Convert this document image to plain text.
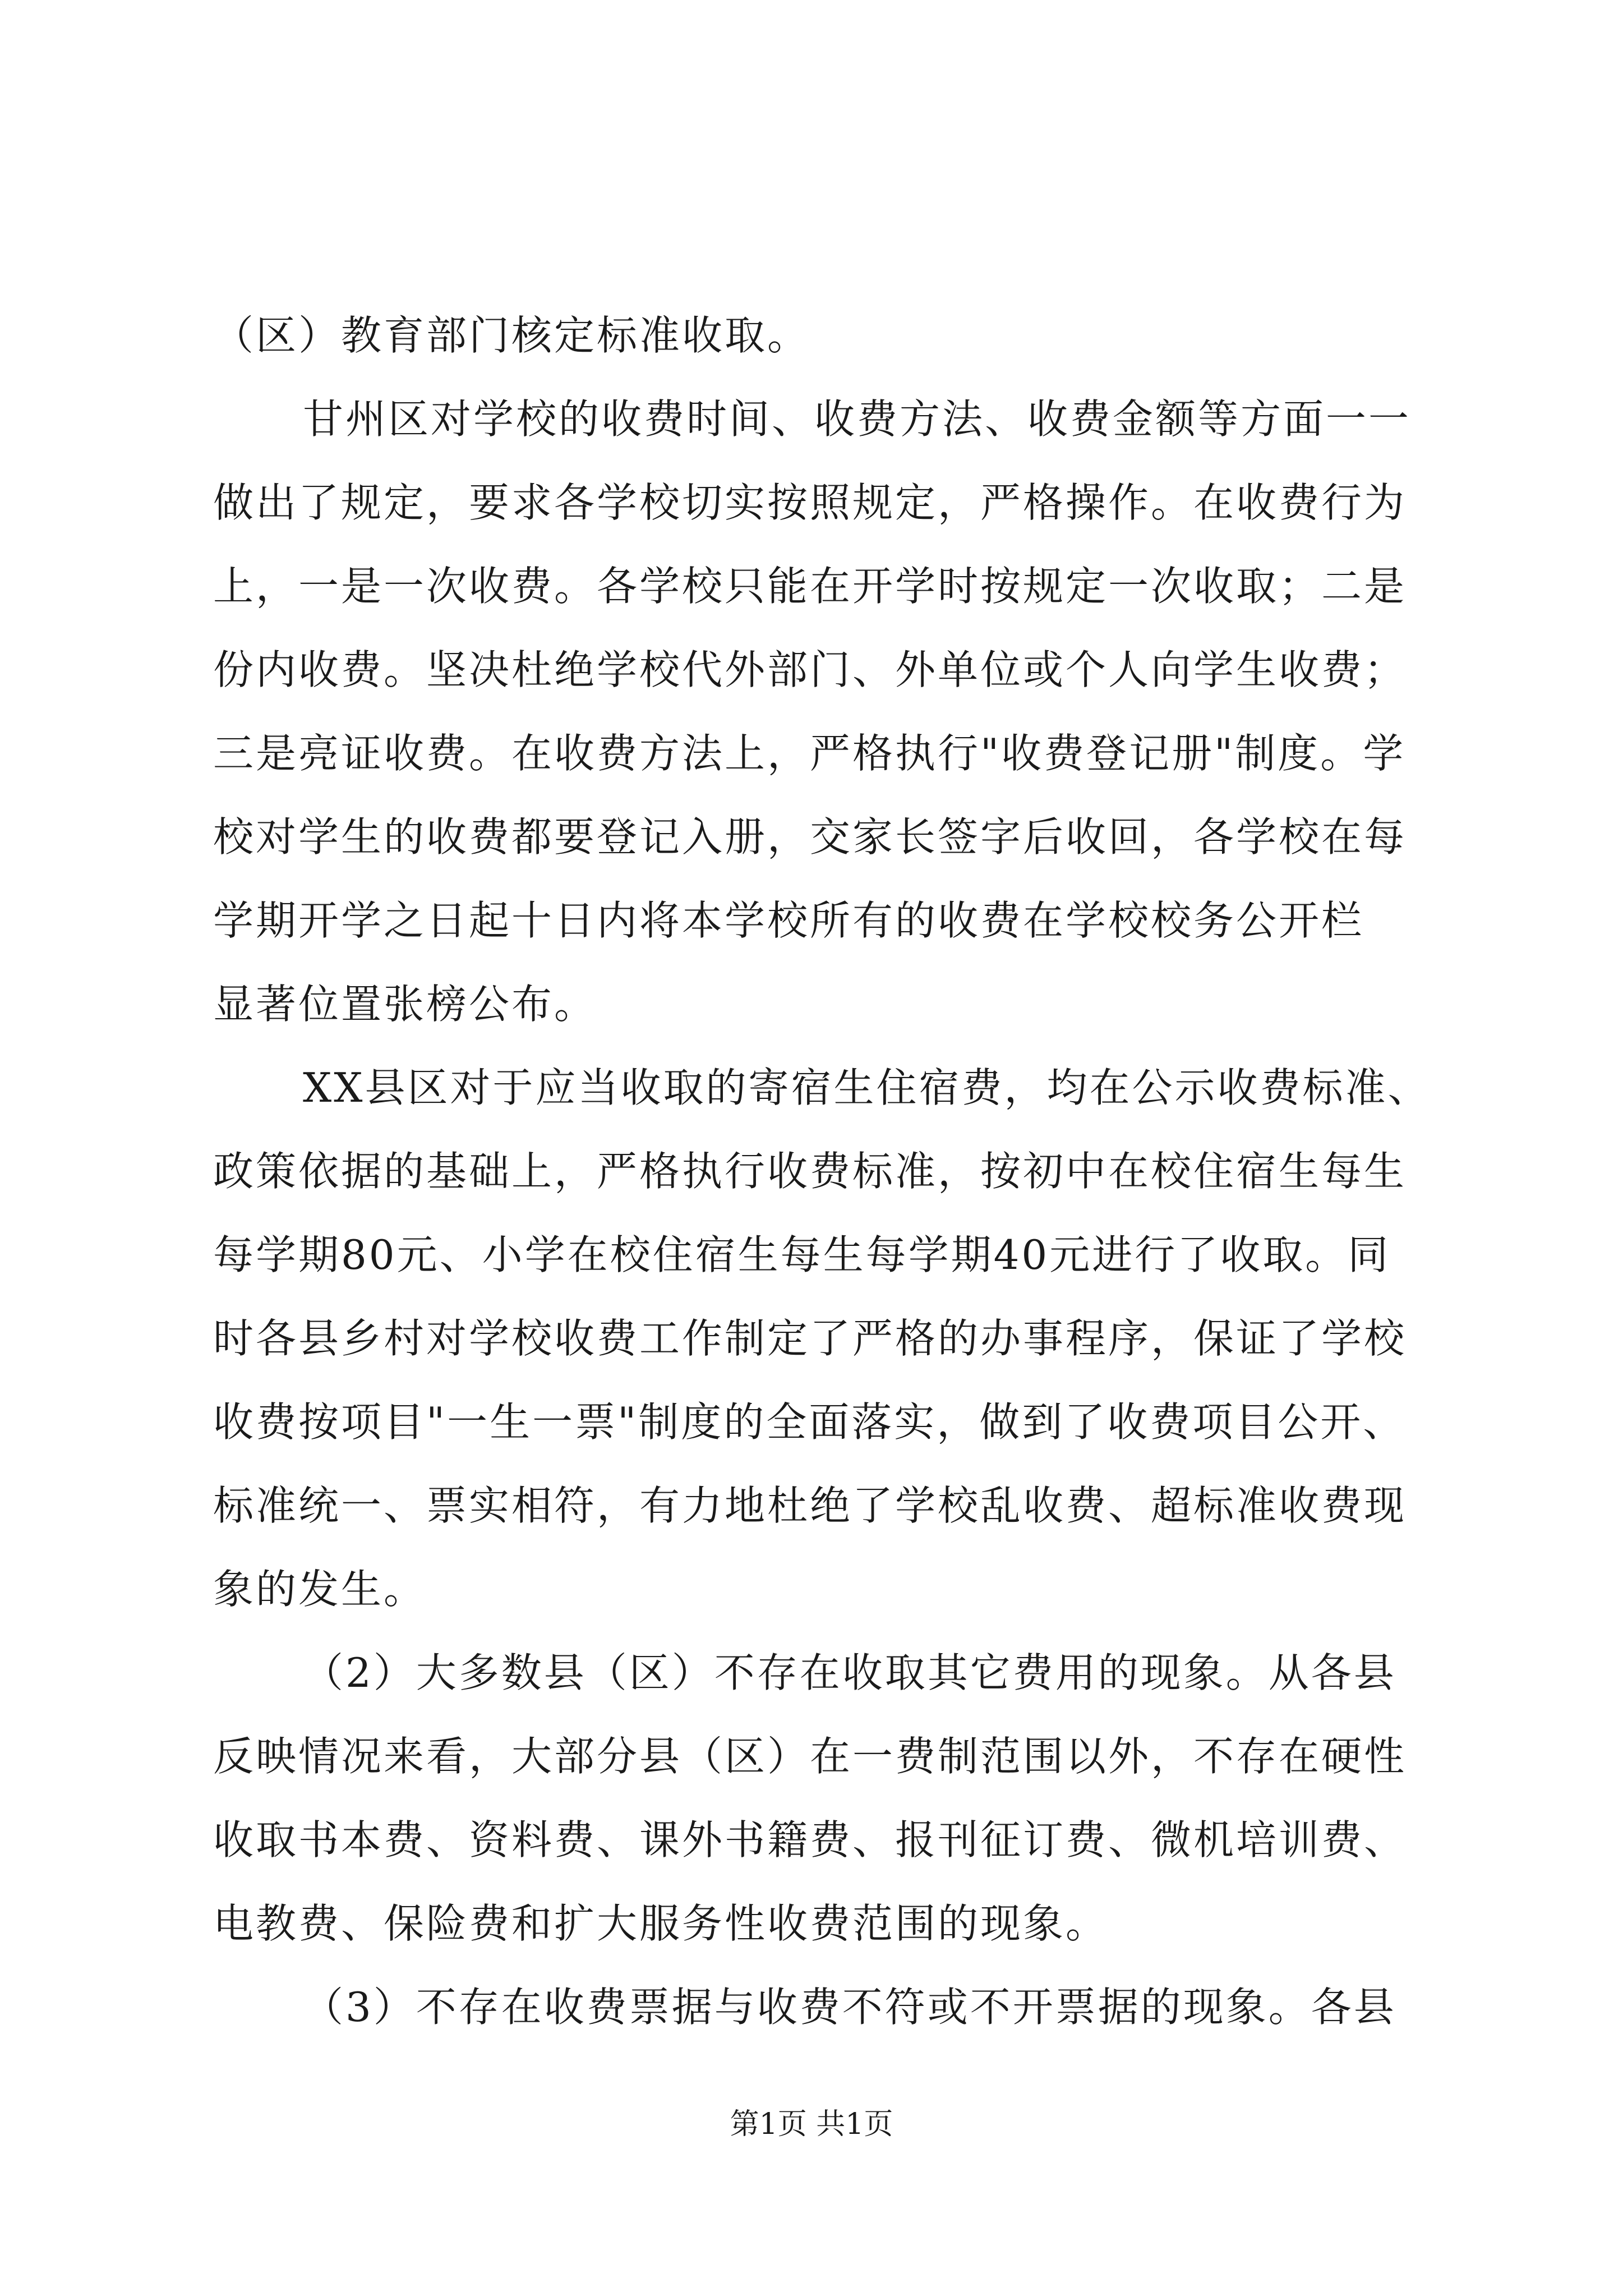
（区）教育部门核定标准收取。
甘州区对学校的收费时间、收费方法、收费金额等方面一一
做出了规定，要求各学校切实按照规定，严格操作。在收费行为
上，一是一次收费。各学校只能在开学时按规定一次收取；二是
份内收费。坚决杜绝学校代外部门、外单位或个人向学生收费；
三是亮证收费。在收费方法上，严格执行"收费登记册"制度。学
校对学生的收费都要登记入册，交家长签字后收回，各学校在每
学期开学之日起十日内将本学校所有的收费在学校校务公开栏
显著位置张榜公布。
XX县区对于应当收取的寄宿生住宿费，均在公示收费标准、
政策依据的基础上，严格执行收费标准，按初中在校住宿生每生
每学期80元、小学在校住宿生每生每学期40元进行了收取。同
时各县乡村对学校收费工作制定了严格的办事程序，保证了学校
收费按项目"一生一票"制度的全面落实，做到了收费项目公开、
标准统一、票实相符，有力地杜绝了学校乱收费、超标准收费现
象的发生。
（2）大多数县（区）不存在收取其它费用的现象。从各县
反映情况来看，大部分县（区）在一费制范围以外，不存在硬性
收取书本费、资料费、课外书籍费、报刊征订费、微机培训费、
电教费、保险费和扩大服务性收费范围的现象。
（3）不存在收费票据与收费不符或不开票据的现象。各县
第1页 共1页
